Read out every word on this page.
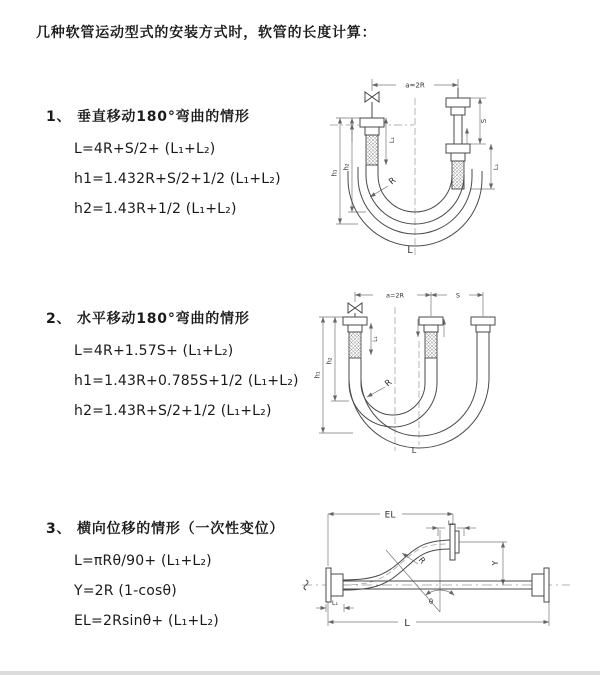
几种软管运动型式的安装方式时，软管的长度计算：
1、 垂直移动180°弯曲的情形
L=4R+S/2+ (L₁+L₂)
h1=1.432R+S/2+1/2 (L₁+L₂)
h2=1.43R+1/2 (L₁+L₂)
2、 水平移动180°弯曲的情形
L=4R+1.57S+ (L₁+L₂)
h1=1.43R+0.785S+1/2 (L₁+L₂)
h2=1.43R+S/2+1/2 (L₁+L₂)
3、 横向位移的情形（一次性变位）
L=πRθ/90+ (L₁+L₂)
Y=2R (1-cosθ)
EL=2Rsinθ+ (L₁+L₂)
a=2R
S
L₁
L₁
h₁
h₂
R
L
a=2R	S
L₁
h₁
h₂
R
L
EL
L₁
Y
R
θ
L
L₁
